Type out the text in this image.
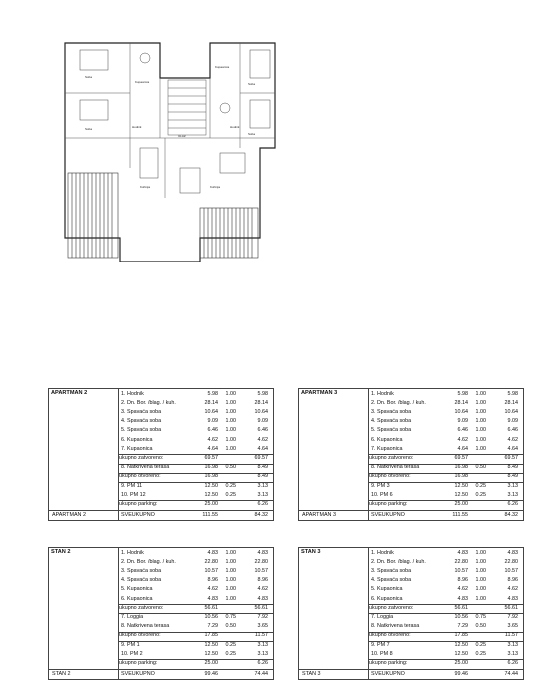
Soba
Soba
Soba
Soba
Kupaonica
Kupaonica
Hodnik	Hodnik
Kuhinja	Kuhinja
ULAZ
APARTMAN 2	1. Hodnik	5.98	1.00	5.98
2. Dn. Bor. /blag. / kuh.	28.14	1.00	28.14
3. Spavaća soba	10.64	1.00	10.64
4. Spavaća soba	9.09	1.00	9.09
5. Spavaća soba	6.46	1.00	6.46
6. Kupaonica	4.62	1.00	4.62
7. Kupaonica	4.64	1.00	4.64
ukupno zatvoreno:	69.57	69.57
8. Natkrivena terasa	16.98	0.50	8.49
ukupno otvoreno:	16.98	8.49
9. PM 11	12.50	0.25	3.13
10. PM 12	12.50	0.25	3.13
ukupno parking:	25.00	6.26
APARTMAN 2	SVEUKUPNO	111.55	84.32
APARTMAN 3	1. Hodnik	5.98	1.00	5.98
2. Dn. Bor. /blag. / kuh.	28.14	1.00	28.14
3. Spavaća soba	10.64	1.00	10.64
4. Spavaća soba	9.09	1.00	9.09
5. Spavaća soba	6.46	1.00	6.46
6. Kupaonica	4.62	1.00	4.62
7. Kupaonica	4.64	1.00	4.64
ukupno zatvoreno:	69.57	69.57
8. Natkrivena terasa	16.98	0.50	8.49
ukupno otvoreno:	16.98	8.49
9. PM 3	12.50	0.25	3.13
10. PM 6	12.50	0.25	3.13
ukupno parking:	25.00	6.26
APARTMAN 3	SVEUKUPNO	111.55	84.32
STAN 2	1. Hodnik	4.83	1.00	4.83
2. Dn. Bor. /blag. / kuh.	22.80	1.00	22.80
3. Spavaća soba	10.57	1.00	10.57
4. Spavaća soba	8.96	1.00	8.96
5. Kupaonica	4.62	1.00	4.62
6. Kupaonica	4.83	1.00	4.83
ukupno zatvoreno:	56.61	56.61
7. Loggia	10.56	0.75	7.92
8. Natkrivena terasa	7.29	0.50	3.65
ukupno otvoreno:	17.85	11.57
9. PM 1	12.50	0.25	3.13
10. PM 2	12.50	0.25	3.13
ukupno parking:	25.00	6.26
STAN 2	SVEUKUPNO	99.46	74.44
STAN 3	1. Hodnik	4.83	1.00	4.83
2. Dn. Bor. /blag. / kuh.	22.80	1.00	22.80
3. Spavaća soba	10.57	1.00	10.57
4. Spavaća soba	8.96	1.00	8.96
5. Kupaonica	4.62	1.00	4.62
6. Kupaonica	4.83	1.00	4.83
ukupno zatvoreno:	56.61	56.61
7. Loggia	10.56	0.75	7.92
8. Natkrivena terasa	7.29	0.50	3.65
ukupno otvoreno:	17.85	11.57
9. PM 7	12.50	0.25	3.13
10. PM 8	12.50	0.25	3.13
ukupno parking:	25.00	6.26
STAN 3	SVEUKUPNO	99.46	74.44
